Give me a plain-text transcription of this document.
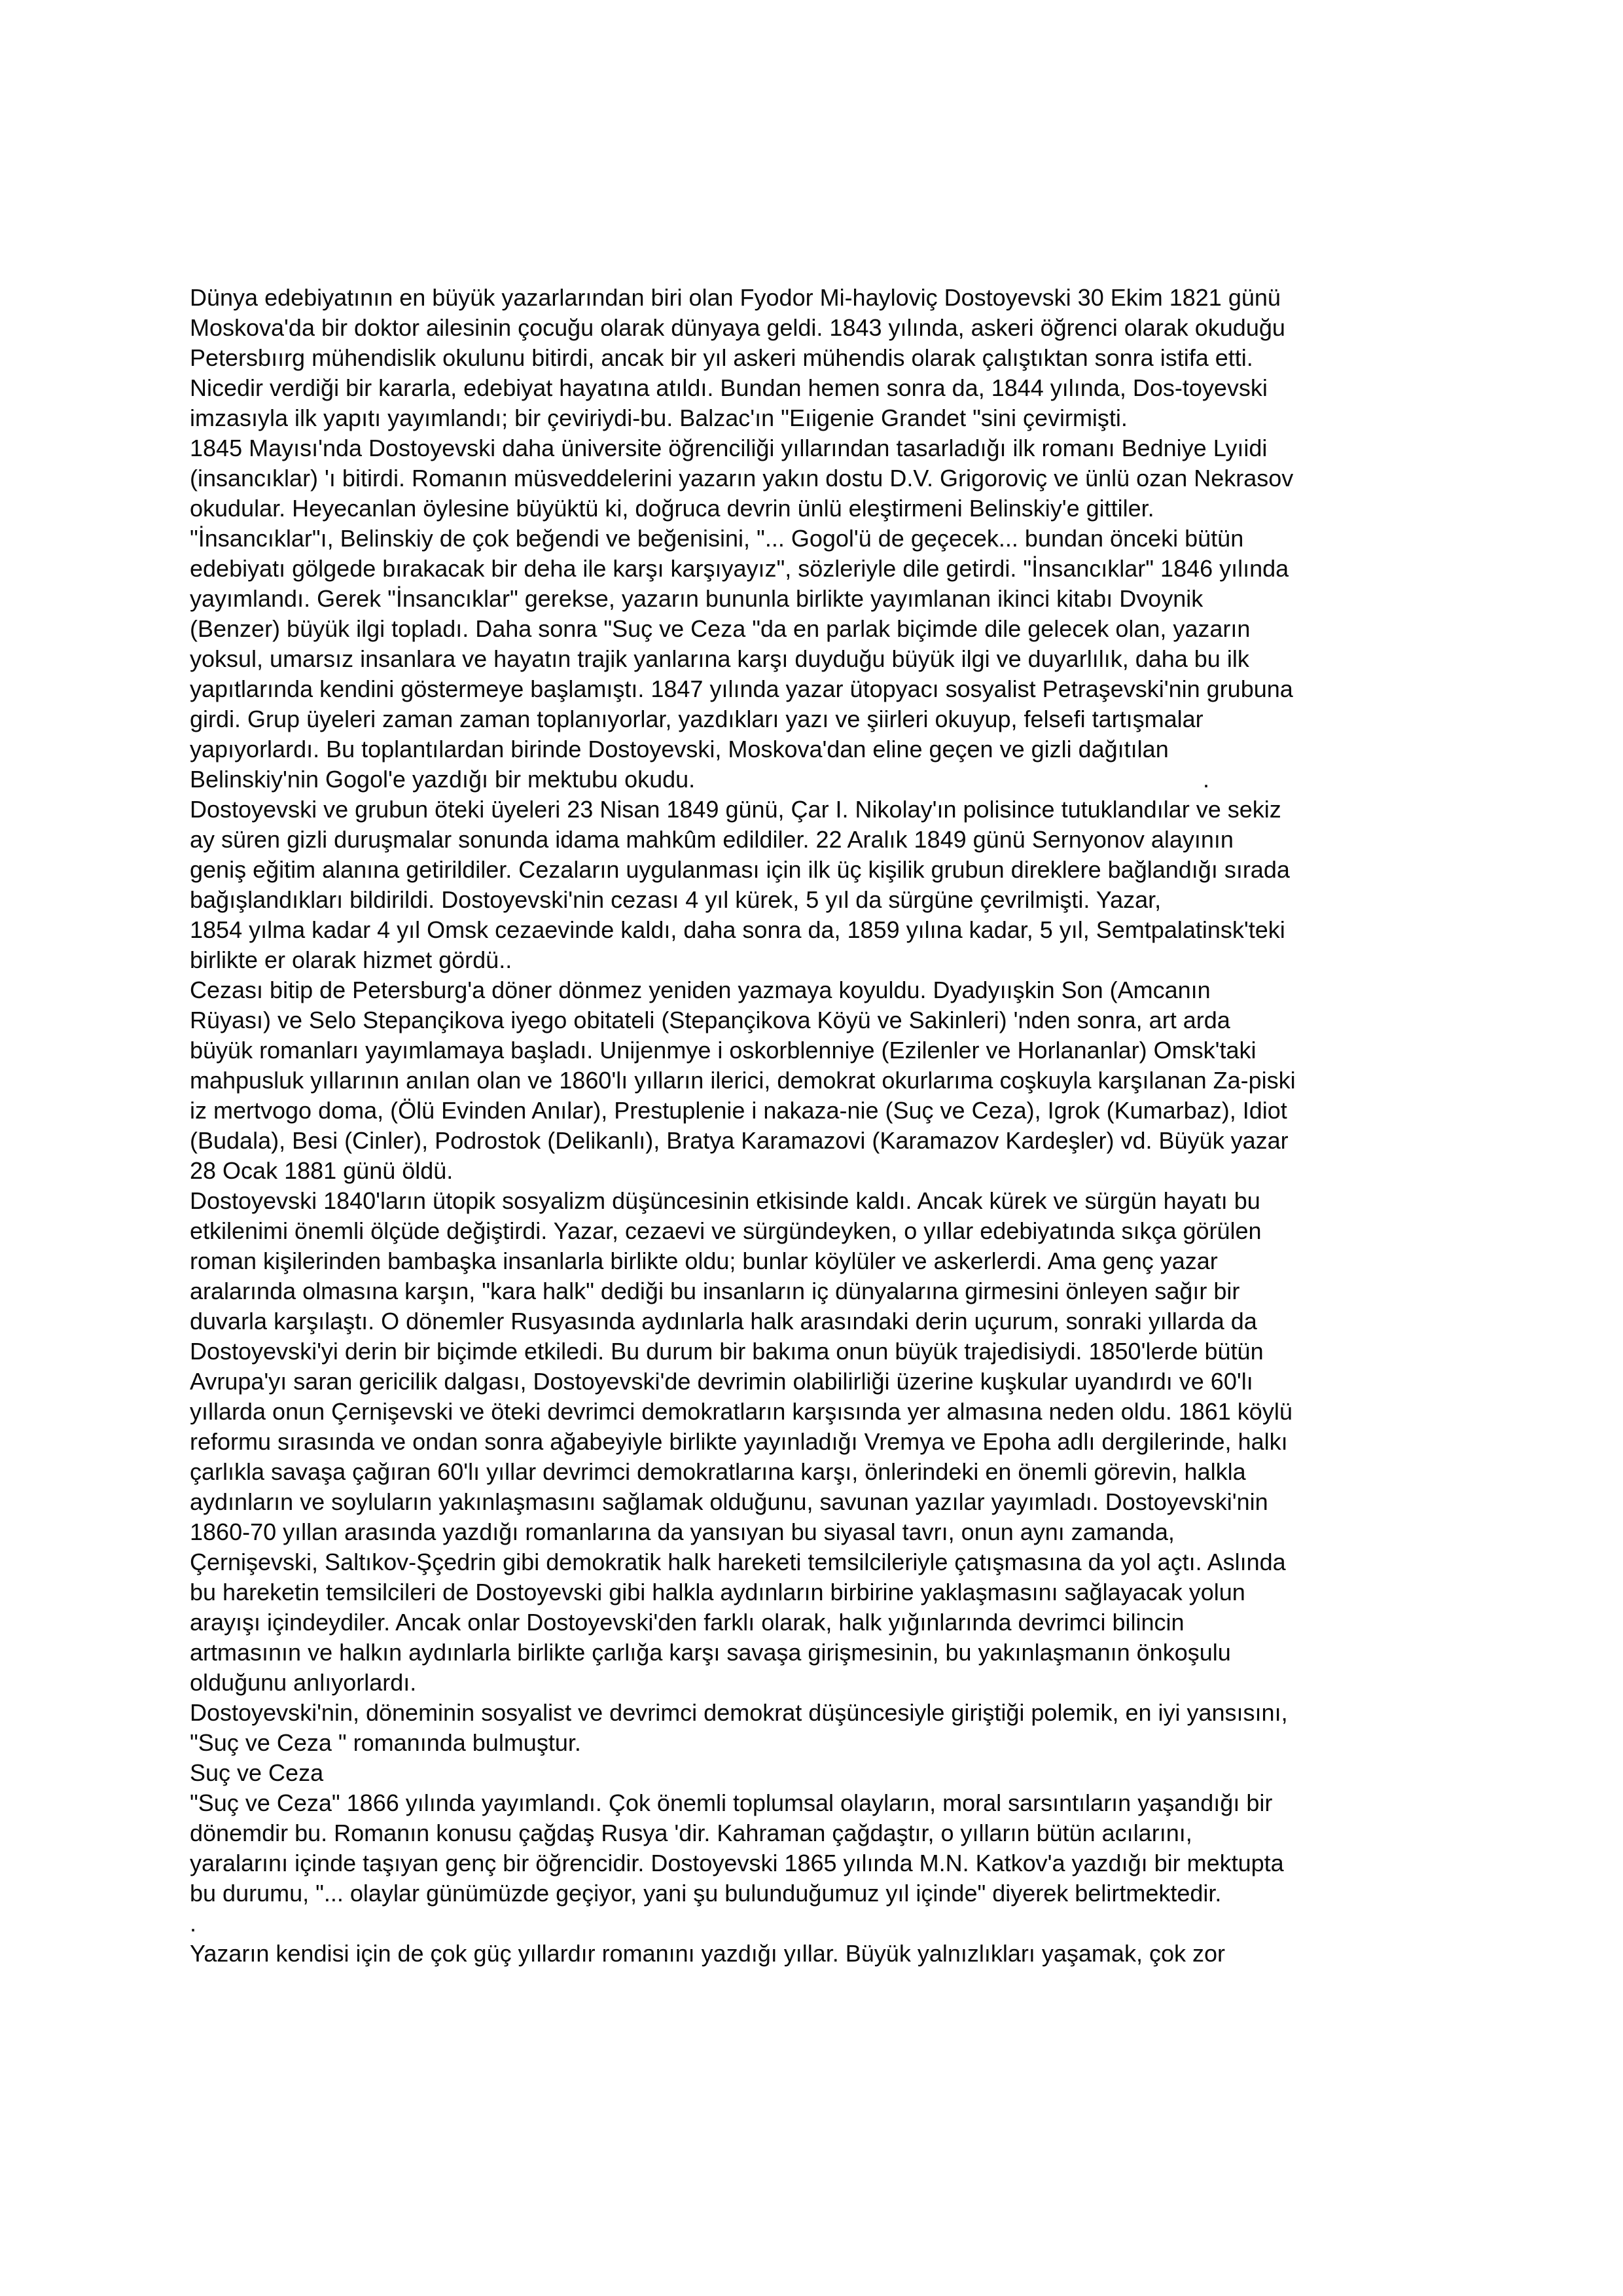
Dünya edebiyatının en büyük yazarlarından biri olan Fyodor Mi-hayloviç Dostoyevski 30 Ekim 1821 günü
Moskova'da bir doktor ailesinin çocuğu olarak dünyaya geldi. 1843 yılında, askeri öğrenci olarak okuduğu
Petersbıırg mühendislik okulunu bitirdi, ancak bir yıl askeri mühendis olarak çalıştıktan sonra istifa etti.
Nicedir verdiği bir kararla, edebiyat hayatına atıldı. Bundan hemen sonra da, 1844 yılında, Dos-toyevski
imzasıyla ilk yapıtı yayımlandı; bir çeviriydi-bu. Balzac'ın "Eıigenie Grandet "sini çevirmişti.
1845 Mayısı'nda Dostoyevski daha üniversite öğrenciliği yıllarından tasarladığı ilk romanı Bedniye Lyıidi
(insancıklar) 'ı bitirdi. Romanın müsveddelerini yazarın yakın dostu D.V. Grigoroviç ve ünlü ozan Nekrasov
okudular. Heyecanlan öylesine büyüktü ki, doğruca devrin ünlü eleştirmeni Belinskiy'e gittiler.
"İnsancıklar"ı, Belinskiy de çok beğendi ve beğenisini, "... Gogol'ü de geçecek... bundan önceki bütün
edebiyatı gölgede bırakacak bir deha ile karşı karşıyayız", sözleriyle dile getirdi. "İnsancıklar" 1846 yılında
yayımlandı. Gerek "İnsancıklar" gerekse, yazarın bununla birlikte yayımlanan ikinci kitabı Dvoynik
(Benzer) büyük ilgi topladı. Daha sonra "Suç ve Ceza "da en parlak biçimde dile gelecek olan, yazarın
yoksul, umarsız insanlara ve hayatın trajik yanlarına karşı duyduğu büyük ilgi ve duyarlılık, daha bu ilk
yapıtlarında kendini göstermeye başlamıştı. 1847 yılında yazar ütopyacı sosyalist Petraşevski'nin grubuna
girdi. Grup üyeleri zaman zaman toplanıyorlar, yazdıkları yazı ve şiirleri okuyup, felsefi tartışmalar
yapıyorlardı. Bu toplantılardan birinde Dostoyevski, Moskova'dan eline geçen ve gizli dağıtılan
Belinskiy'nin Gogol'e yazdığı bir mektubu okudu.
Dostoyevski ve grubun öteki üyeleri 23 Nisan 1849 günü, Çar I. Nikolay'ın polisince tutuklandılar ve sekiz
ay süren gizli duruşmalar sonunda idama mahkûm edildiler. 22 Aralık 1849 günü Sernyonov alayının
geniş eğitim alanına getirildiler. Cezaların uygulanması için ilk üç kişilik grubun direklere bağlandığı sırada
bağışlandıkları bildirildi. Dostoyevski'nin cezası 4 yıl kürek, 5 yıl da sürgüne çevrilmişti. Yazar,
1854 yılma kadar 4 yıl Omsk cezaevinde kaldı, daha sonra da, 1859 yılına kadar, 5 yıl, Semtpalatinsk'teki
birlikte er olarak hizmet gördü..
Cezası bitip de Petersburg'a döner dönmez yeniden yazmaya koyuldu. Dyadyıışkin Son (Amcanın
Rüyası) ve Selo Stepançikova iyego obitateli (Stepançikova Köyü ve Sakinleri) 'nden sonra, art arda
büyük romanları yayımlamaya başladı. Unijenmye i oskorblenniye (Ezilenler ve Horlananlar) Omsk'taki
mahpusluk yıllarının anılan olan ve 1860'lı yılların ilerici, demokrat okurlarıma coşkuyla karşılanan Za-piski
iz mertvogo doma, (Ölü Evinden Anılar), Prestuplenie i nakaza-nie (Suç ve Ceza), Igrok (Kumarbaz), Idiot
(Budala), Besi (Cinler), Podrostok (Delikanlı), Bratya Karamazovi (Karamazov Kardeşler) vd. Büyük yazar
28 Ocak 1881 günü öldü.
Dostoyevski 1840'ların ütopik sosyalizm düşüncesinin etkisinde kaldı. Ancak kürek ve sürgün hayatı bu
etkilenimi önemli ölçüde değiştirdi. Yazar, cezaevi ve sürgündeyken, o yıllar edebiyatında sıkça görülen
roman kişilerinden bambaşka insanlarla birlikte oldu; bunlar köylüler ve askerlerdi. Ama genç yazar
aralarında olmasına karşın, "kara halk" dediği bu insanların iç dünyalarına girmesini önleyen sağır bir
duvarla karşılaştı. O dönemler Rusyasında aydınlarla halk arasındaki derin uçurum, sonraki yıllarda da
Dostoyevski'yi derin bir biçimde etkiledi. Bu durum bir bakıma onun büyük trajedisiydi. 1850'lerde bütün
Avrupa'yı saran gericilik dalgası, Dostoyevski'de devrimin olabilirliği üzerine kuşkular uyandırdı ve 60'lı
yıllarda onun Çernişevski ve öteki devrimci demokratların karşısında yer almasına neden oldu. 1861 köylü
reformu sırasında ve ondan sonra ağabeyiyle birlikte yayınladığı Vremya ve Epoha adlı dergilerinde, halkı
çarlıkla savaşa çağıran 60'lı yıllar devrimci demokratlarına karşı, önlerindeki en önemli görevin, halkla
aydınların ve soyluların yakınlaşmasını sağlamak olduğunu, savunan yazılar yayımladı. Dostoyevski'nin
1860-70 yıllan arasında yazdığı romanlarına da yansıyan bu siyasal tavrı, onun aynı zamanda,
Çernişevski, Saltıkov-Şçedrin gibi demokratik halk hareketi temsilcileriyle çatışmasına da yol açtı. Aslında
bu hareketin temsilcileri de Dostoyevski gibi halkla aydınların birbirine yaklaşmasını sağlayacak yolun
arayışı içindeydiler. Ancak onlar Dostoyevski'den farklı olarak, halk yığınlarında devrimci bilincin
artmasının ve halkın aydınlarla birlikte çarlığa karşı savaşa girişmesinin, bu yakınlaşmanın önkoşulu
olduğunu anlıyorlardı.
Dostoyevski'nin, döneminin sosyalist ve devrimci demokrat düşüncesiyle giriştiği polemik, en iyi yansısını,
"Suç ve Ceza " romanında bulmuştur.
Suç ve Ceza
"Suç ve Ceza" 1866 yılında yayımlandı. Çok önemli toplumsal olayların, moral sarsıntıların yaşandığı bir
dönemdir bu. Romanın konusu çağdaş Rusya 'dir. Kahraman çağdaştır, o yılların bütün acılarını,
yaralarını içinde taşıyan genç bir öğrencidir. Dostoyevski 1865 yılında M.N. Katkov'a yazdığı bir mektupta
bu durumu, "... olaylar günümüzde geçiyor, yani şu bulunduğumuz yıl içinde" diyerek belirtmektedir.
.
Yazarın kendisi için de çok güç yıllardır romanını yazdığı yıllar. Büyük yalnızlıkları yaşamak, çok zor
.
